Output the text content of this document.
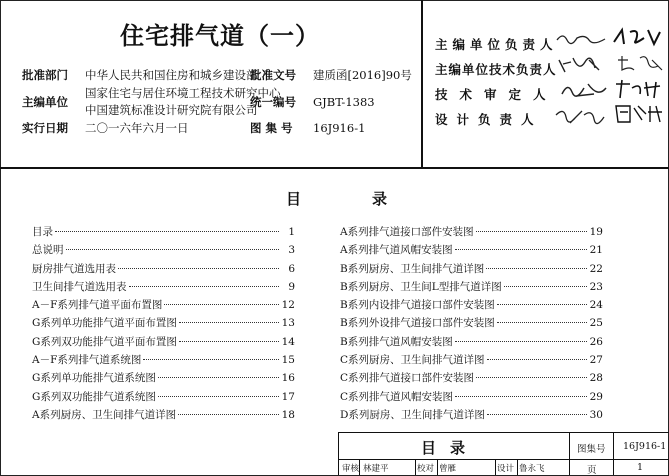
住宅排气道（一）
批准部门 中华人民共和国住房和城乡建设部
批准文号 建质函[2016]90号
主编单位
国家住宅与居住环境工程技术研究中心
中国建筑标准设计研究院有限公司
统一编号 GJBT-1383
实行日期 二〇一六年六月一日	图 集 号 16J916-1
主编单位负责人
主编单位技术负责人
技术审定人
设计负责人
目	录
目录	1
总说明	3
厨房排气道选用表	6
卫生间排气道选用表	9
A－F系列排气道平面布置图	12
G系列单功能排气道平面布置图	13
G系列双功能排气道平面布置图	14
A－F系列排气道系统图	15
G系列单功能排气道系统图	16
G系列双功能排气道系统图	17
A系列厨房、卫生间排气道详图	18
A系列排气道接口部件安装图	19
A系列排气道风帽安装图	21
B系列厨房、卫生间排气道详图	22
B系列厨房、卫生间L型排气道详图	23
B系列内设排气道接口部件安装图	24
B系列外设排气道接口部件安装图	25
B系列排气道风帽安装图	26
C系列厨房、卫生间排气道详图	27
C系列排气道接口部件安装图	28
C系列排气道风帽安装图	29
D系列厨房、卫生间排气道详图	30
目录	图集号 16J916-1
审核 林建平	校对 曾雁	设计 鲁永飞	页	1
